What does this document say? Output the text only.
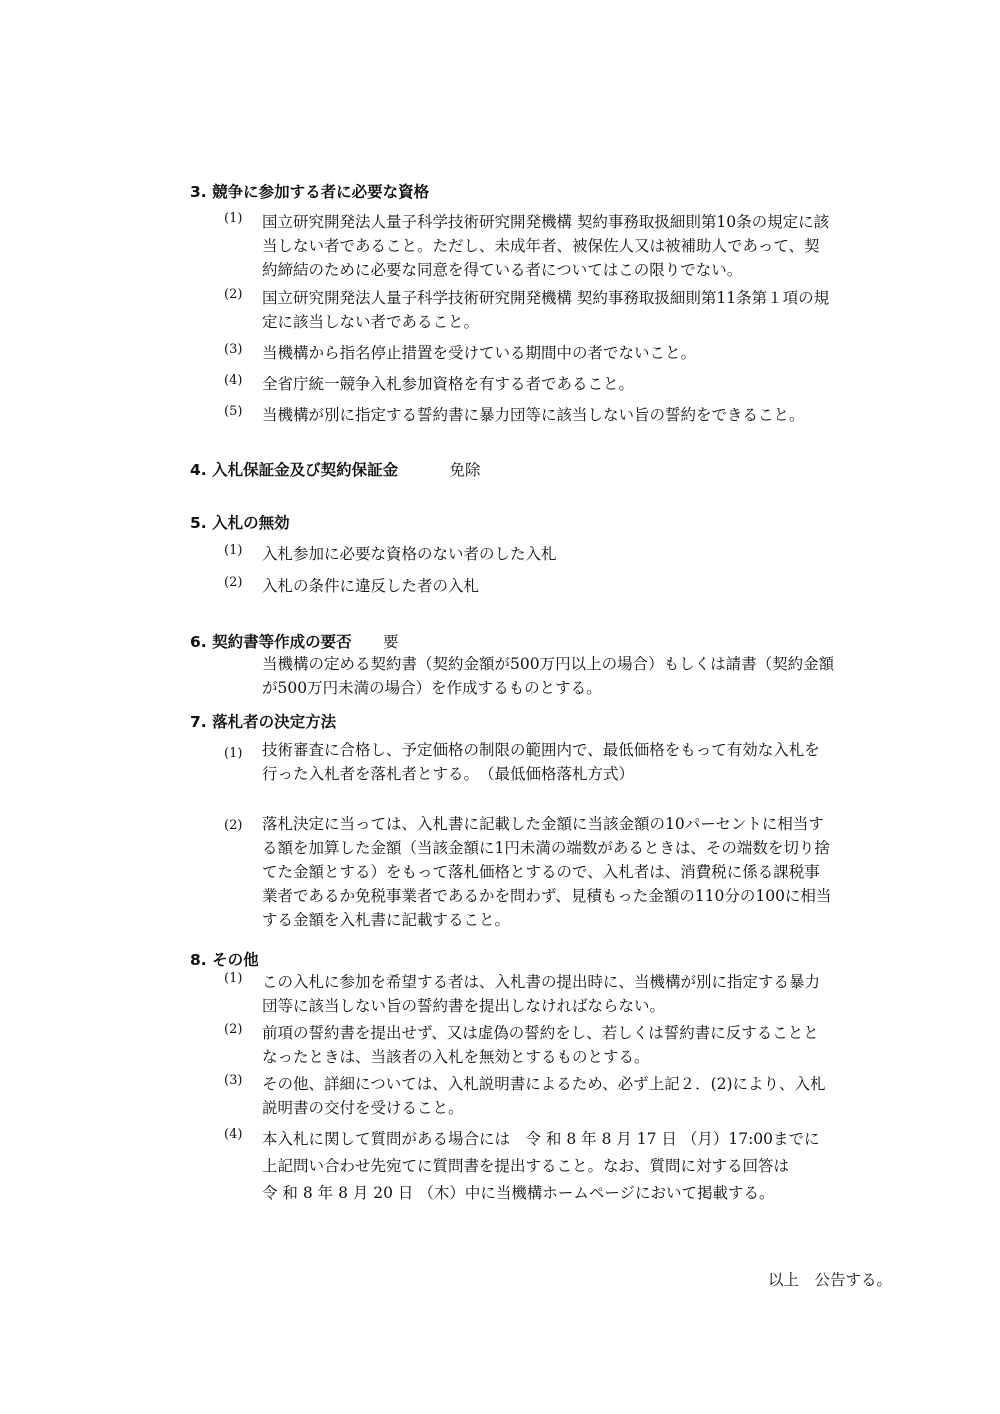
3. 競争に参加する者に必要な資格
(1)	国立研究開発法人量子科学技術研究開発機構 契約事務取扱細則第10条の規定に該
当しない者であること。ただし、未成年者、被保佐人又は被補助人であって、契
約締結のために必要な同意を得ている者についてはこの限りでない。
(2)	国立研究開発法人量子科学技術研究開発機構 契約事務取扱細則第11条第１項の規
定に該当しない者であること。
(3)	当機構から指名停止措置を受けている期間中の者でないこと。
(4)	全省庁統一競争入札参加資格を有する者であること。
(5)	当機構が別に指定する誓約書に暴力団等に該当しない旨の誓約をできること。
4. 入札保証金及び契約保証金	免除
5. 入札の無効
(1)	入札参加に必要な資格のない者のした入札
(2)	入札の条件に違反した者の入札
6. 契約書等作成の要否 要
当機構の定める契約書（契約金額が500万円以上の場合）もしくは請書（契約金額
が500万円未満の場合）を作成するものとする。
7. 落札者の決定方法
(1)	技術審査に合格し、予定価格の制限の範囲内で、最低価格をもって有効な入札を
行った入札者を落札者とする。　（最低価格落札方式）
(2)	落札決定に当っては、入札書に記載した金額に当該金額の10パーセントに相当す
る額を加算した金額（当該金額に1円未満の端数があるときは、その端数を切り捨
てた金額とする）をもって落札価格とするので、入札者は、消費税に係る課税事
業者であるか免税事業者であるかを問わず、見積もった金額の110分の100に相当
する金額を入札書に記載すること。
8. その他
(1)	この入札に参加を希望する者は、入札書の提出時に、当機構が別に指定する暴力
団等に該当しない旨の誓約書を提出しなければならない。
(2)	前項の誓約書を提出せず、又は虚偽の誓約をし、若しくは誓約書に反することと
なったときは、当該者の入札を無効とするものとする。
(3)	その他、詳細については、入札説明書によるため、必ず上記２．(2)により、入札
説明書の交付を受けること。
(4)	本入札に関して質問がある場合には　令 和 8 年 8 月 17 日 （月）17:00までに
上記問い合わせ先宛てに質問書を提出すること。なお、質問に対する回答は
令 和 8 年 8 月 20 日 （木）中に当機構ホームページにおいて掲載する。
以上　公告する。
